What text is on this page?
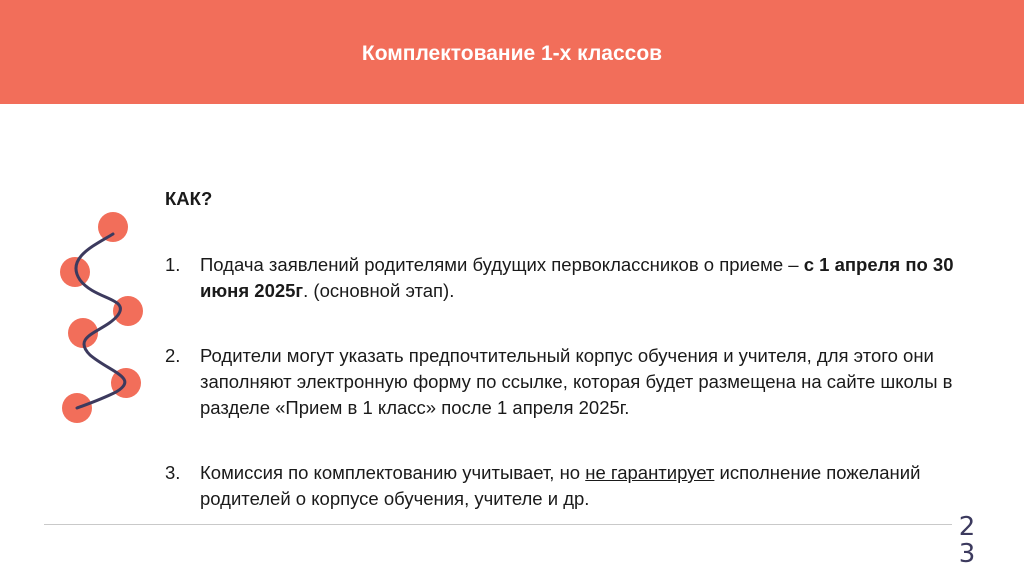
Комплектование 1-х классов
КАК?
1. Подача заявлений родителями будущих первоклассников о приеме – с 1 апреля по 30 июня 2025г. (основной этап).
2. Родители могут указать предпочтительный корпус обучения и учителя, для этого они заполняют электронную форму по ссылке, которая будет размещена на сайте школы в разделе «Прием в 1 класс» после 1 апреля 2025г.
3. Комиссия по комплектованию учитывает, но не гарантирует исполнение пожеланий родителей о корпусе обучения, учителе и др.
2
3
